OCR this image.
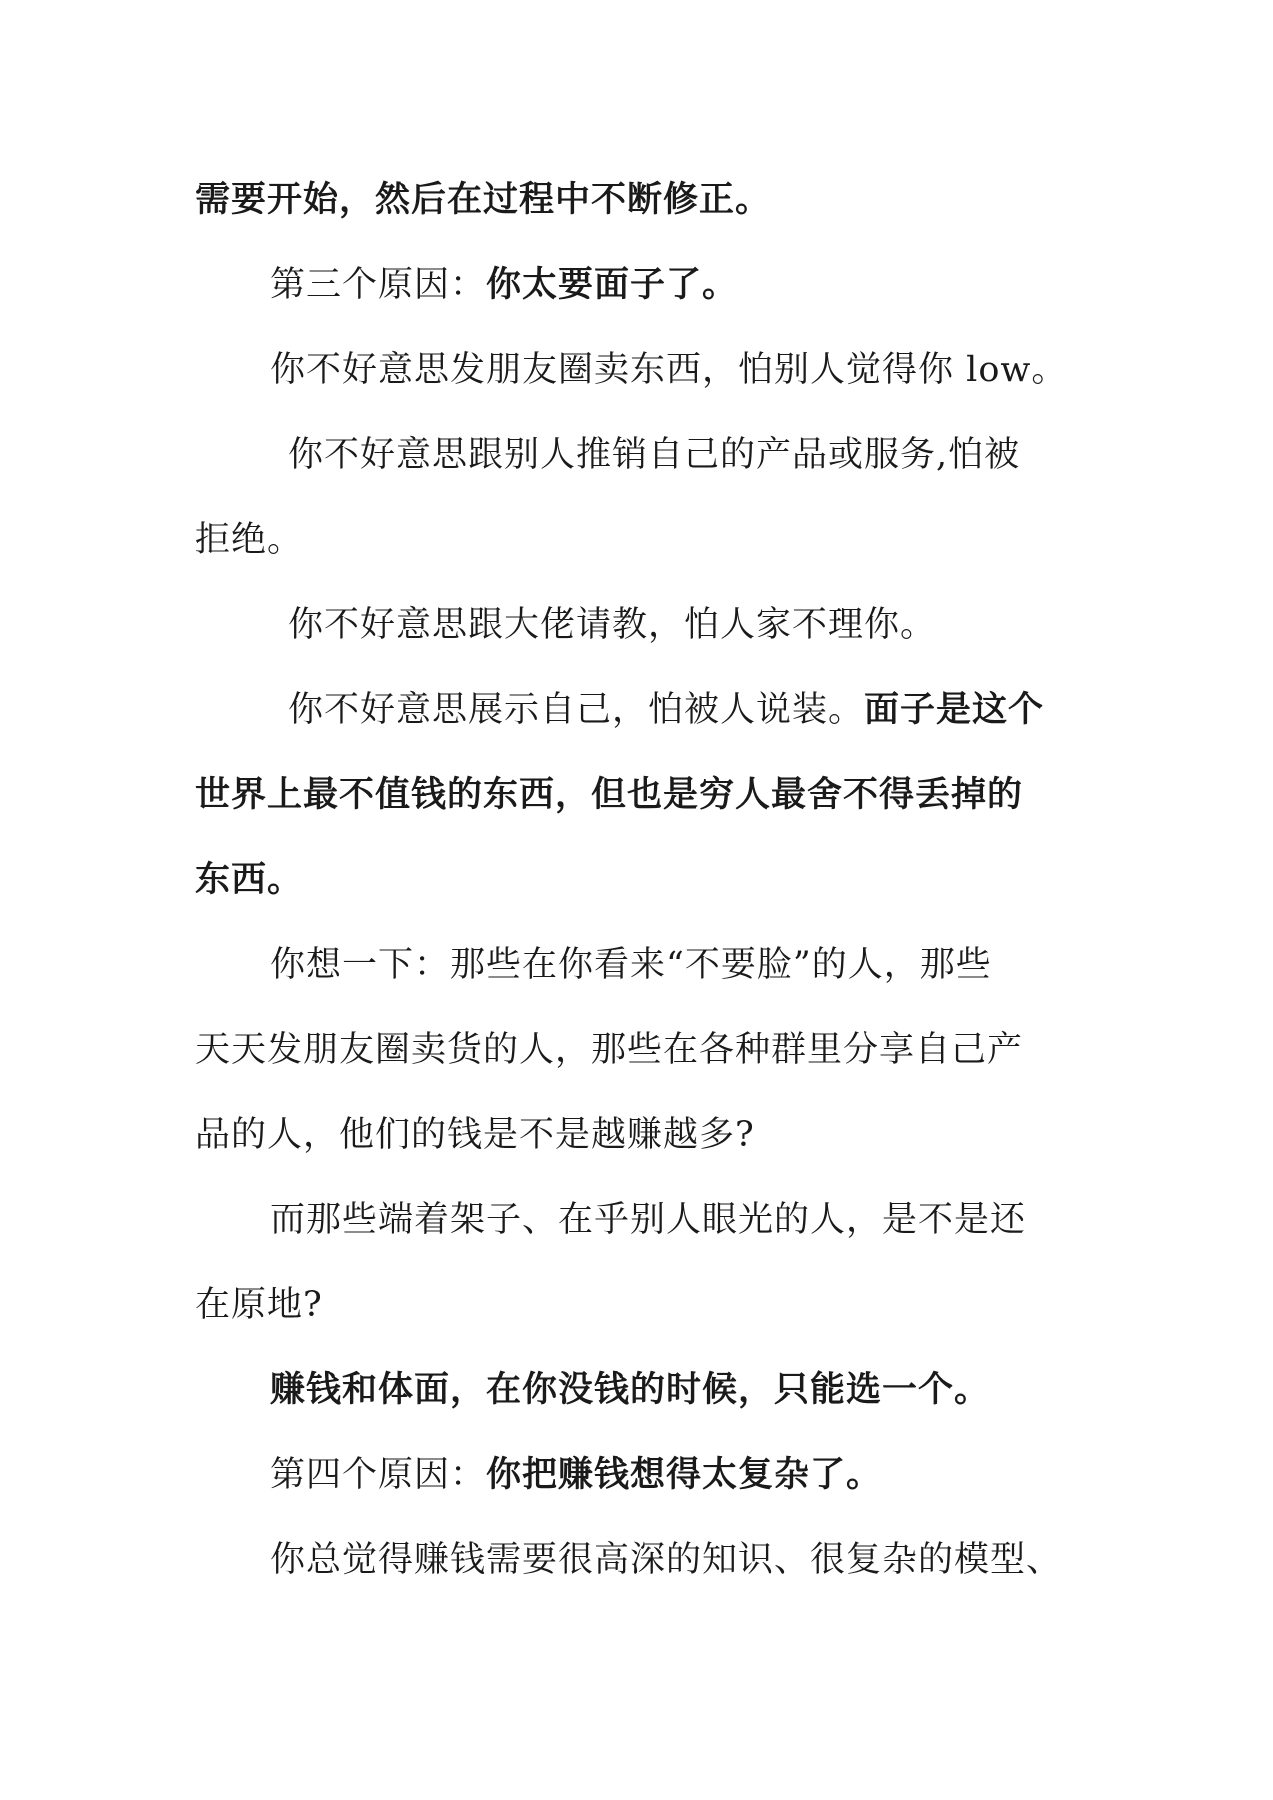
需要开始，然后在过程中不断修正。
第三个原因：你太要面子了。
你不好意思发朋友圈卖东西，怕别人觉得你 low。
你不好意思跟别人推销自己的产品或服务,怕被
拒绝。
你不好意思跟大佬请教，怕人家不理你。
你不好意思展示自己，怕被人说装。面子是这个
世界上最不值钱的东西，但也是穷人最舍不得丢掉的
东西。
你想一下：那些在你看来“不要脸”的人，那些
天天发朋友圈卖货的人，那些在各种群里分享自己产
品的人，他们的钱是不是越赚越多?
而那些端着架子、在乎别人眼光的人，是不是还
在原地?
赚钱和体面，在你没钱的时候，只能选一个。
第四个原因：你把赚钱想得太复杂了。
你总觉得赚钱需要很高深的知识、很复杂的模型、
